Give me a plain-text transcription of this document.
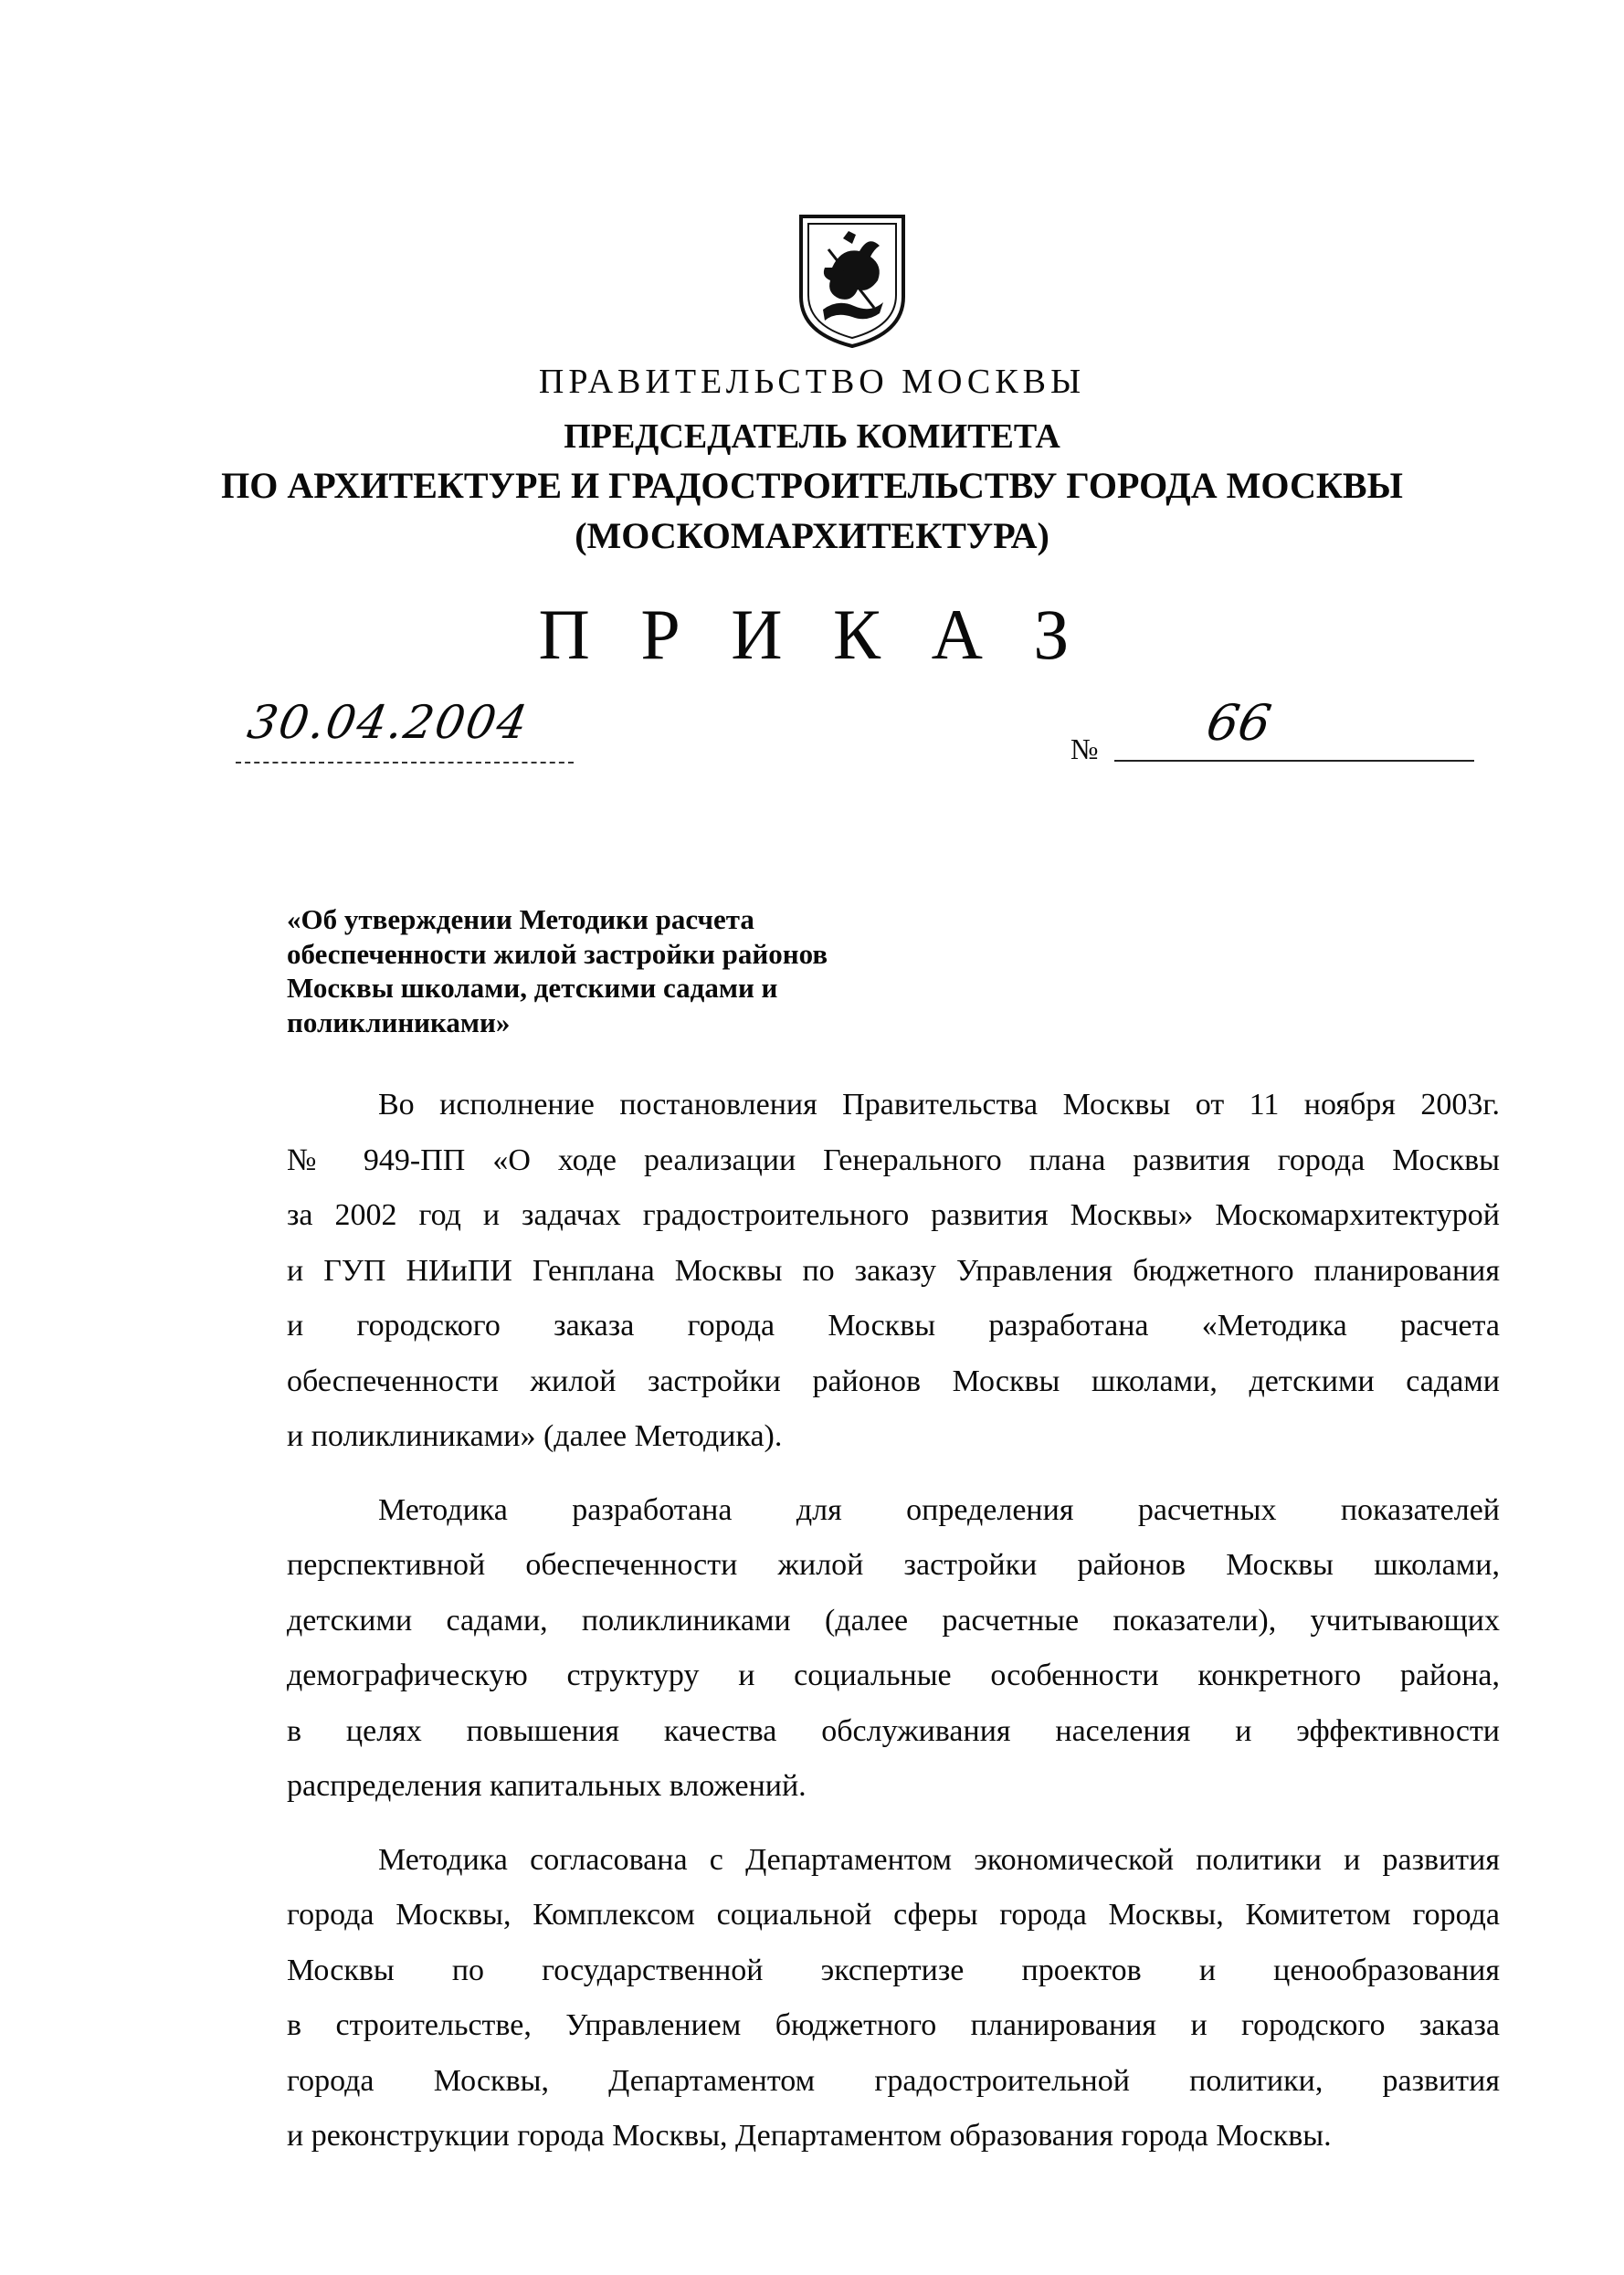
ПРАВИТЕЛЬСТВО МОСКВЫ
ПРЕДСЕДАТЕЛЬ КОМИТЕТА
ПО АРХИТЕКТУРЕ И ГРАДОСТРОИТЕЛЬСТВУ ГОРОДА МОСКВЫ
(МОСКОМАРХИТЕКТУРА)
П Р И К А З
30.04.2004	№ 66
«Об утверждении Методики расчета
обеспеченности жилой застройки районов
Москвы школами, детскими садами и
поликлиниками»
Во исполнение постановления Правительства Москвы от 11 ноября 2003г.
№ 949-ПП «О ходе реализации Генерального плана развития города Москвы
за 2002 год и задачах градостроительного развития Москвы» Москомархитектурой
и ГУП НИиПИ Генплана Москвы по заказу Управления бюджетного планирования
и городского заказа города Москвы разработана «Методика расчета
обеспеченности жилой застройки районов Москвы школами, детскими садами
и поликлиниками» (далее Методика).
Методика разработана для определения расчетных показателей
перспективной обеспеченности жилой застройки районов Москвы школами,
детскими садами, поликлиниками (далее расчетные показатели), учитывающих
демографическую структуру и социальные особенности конкретного района,
в целях повышения качества обслуживания населения и эффективности
распределения капитальных вложений.
Методика согласована с Департаментом экономической политики и развития
города Москвы, Комплексом социальной сферы города Москвы, Комитетом города
Москвы по государственной экспертизе проектов и ценообразования
в строительстве, Управлением бюджетного планирования и городского заказа
города Москвы, Департаментом градостроительной политики, развития
и реконструкции города Москвы, Департаментом образования города Москвы.
